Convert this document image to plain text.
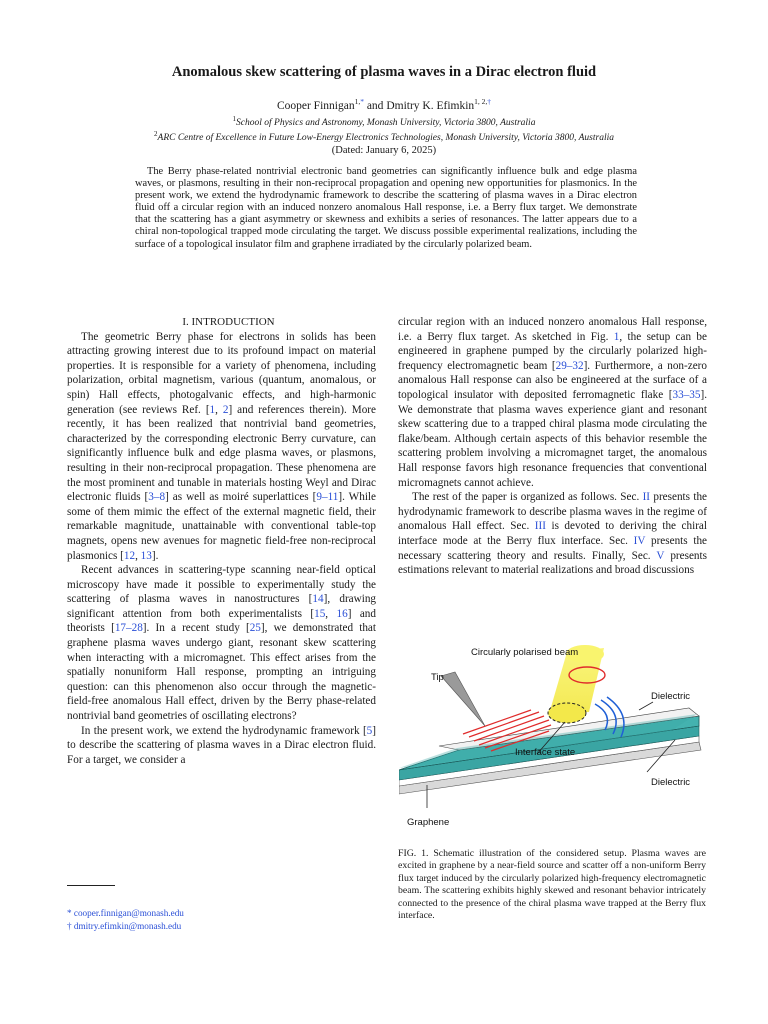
Anomalous skew scattering of plasma waves in a Dirac electron fluid
Cooper Finnigan$^{1,*}$ and Dmitry K. Efimkin$^{1, 2,\dagger}$
$^1$School of Physics and Astronomy, Monash University, Victoria 3800, Australia
$^2$ARC Centre of Excellence in Future Low-Energy Electronics Technologies, Monash University, Victoria 3800, Australia
(Dated: January 6, 2025)

The Berry phase-related nontrivial electronic band geometries can significantly influence bulk and edge plasma waves, or plasmons, resulting in their non-reciprocal propagation and opening new opportunities for plasmonics. In the present work, we extend the hydrodynamic framework to describe the scattering of plasma waves in a Dirac electron fluid off a circular region with an induced nonzero anomalous Hall response, i.e. a Berry flux target. We demonstrate that the scattering has a giant asymmetry or skewness and exhibits a series of resonances. The latter appears due to a chiral non-topological trapped mode circulating the target. We discuss possible experimental realizations, including the surface of a topological insulator film and graphene irradiated by the circularly polarized beam.

I. INTRODUCTION

The geometric Berry phase for electrons in solids has been attracting growing interest due to its profound impact on material properties. It is responsible for a variety of phenomena, including polarization, orbital magnetism, various (quantum, anomalous, or spin) Hall effects, photogalvanic effects, and high-harmonic generation (see reviews Ref. [1, 2] and references therein). More recently, it has been realized that nontrivial band geometries, characterized by the corresponding electronic Berry curvature, can significantly influence bulk and edge plasma waves, or plasmons, resulting in their non-reciprocal propagation. These phenomena are the most prominent and tunable in materials hosting Weyl and Dirac electronic fluids [3–8] as well as moiré superlattices [9–11]. While some of them mimic the effect of the external magnetic field, their remarkable magnitude, unattainable with conventional table-top magnets, opens new avenues for magnetic field-free non-reciprocal plasmonics [12, 13].

Recent advances in scattering-type scanning near-field optical microscopy have made it possible to experimentally study the scattering of plasma waves in nanostructures [14], drawing significant attention from both experimentalists [15, 16] and theorists [17–28]. In a recent study [25], we demonstrated that graphene plasma waves undergo giant, resonant skew scattering when interacting with a micromagnet. This effect arises from the spatially nonuniform Hall response, prompting an intriguing question: can this phenomenon also occur through the magnetic-field-free anomalous Hall effect, driven by the Berry phase-related nontrivial band geometries of oscillating electrons?

In the present work, we extend the hydrodynamic framework [5] to describe the scattering of plasma waves in a Dirac electron fluid. For a target, we consider a

circular region with an induced nonzero anomalous Hall response, i.e. a Berry flux target. As sketched in Fig. 1, the setup can be engineered in graphene pumped by the circularly polarized high-frequency electromagnetic beam [29–32]. Furthermore, a non-zero anomalous Hall response can also be engineered at the surface of a topological insulator with deposited ferromagnetic flake [33–35]. We demonstrate that plasma waves experience giant and resonant skew scattering due to a trapped chiral plasma mode circulating the flake/beam. Although certain aspects of this behavior resemble the scattering problem involving a micromagnet target, the anomalous Hall response favors high resonance frequencies that conventional micromagnets cannot achieve.

The rest of the paper is organized as follows. Sec. II presents the hydrodynamic framework to describe plasma waves in the regime of anomalous Hall effect. Sec. III is devoted to deriving the chiral interface mode at the Berry flux interface. Sec. IV presents the necessary scattering theory and results. Finally, Sec. V presents estimations relevant to material realizations and broad discussions

Circularly polarised beam
Tip
Dielectric
Interface state
Dielectric
Graphene

FIG. 1. Schematic illustration of the considered setup. Plasma waves are excited in graphene by a near-field source and scatter off a non-uniform Berry flux target induced by the circularly polarized high-frequency electromagnetic beam. The scattering exhibits highly skewed and resonant behavior intricately connected to the presence of the chiral plasma wave trapped at the Berry flux interface.

* cooper.finnigan@monash.edu
† dmitry.efimkin@monash.edu
